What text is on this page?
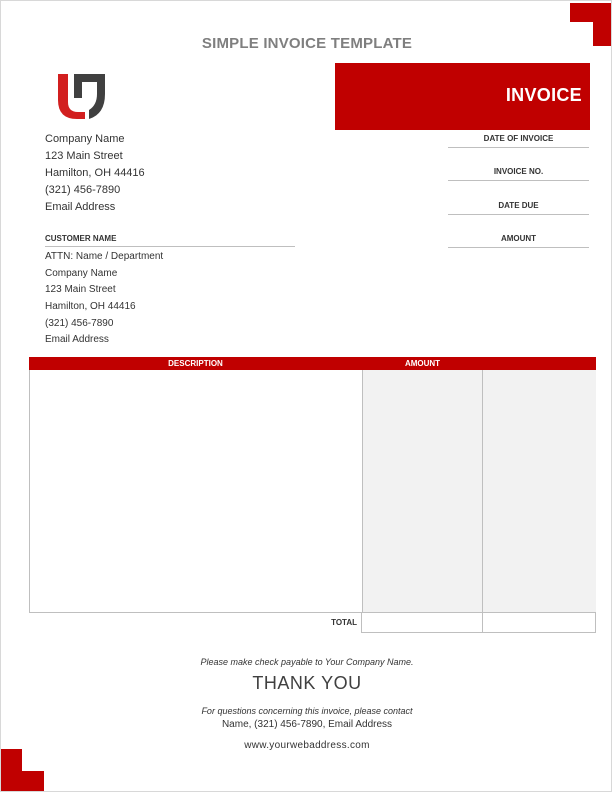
SIMPLE INVOICE TEMPLATE
INVOICE
Company Name
123 Main Street
Hamilton, OH 44416
(321) 456-7890
Email Address
DATE OF INVOICE
INVOICE NO.
DATE DUE
AMOUNT
CUSTOMER NAME
ATTN: Name / Department
Company Name
123 Main Street
Hamilton, OH 44416
(321) 456-7890
Email Address
DESCRIPTION	AMOUNT
TOTAL
Please make check payable to Your Company Name.
THANK YOU
For questions concerning this invoice, please contact
Name, (321) 456-7890, Email Address
www.yourwebaddress.com
